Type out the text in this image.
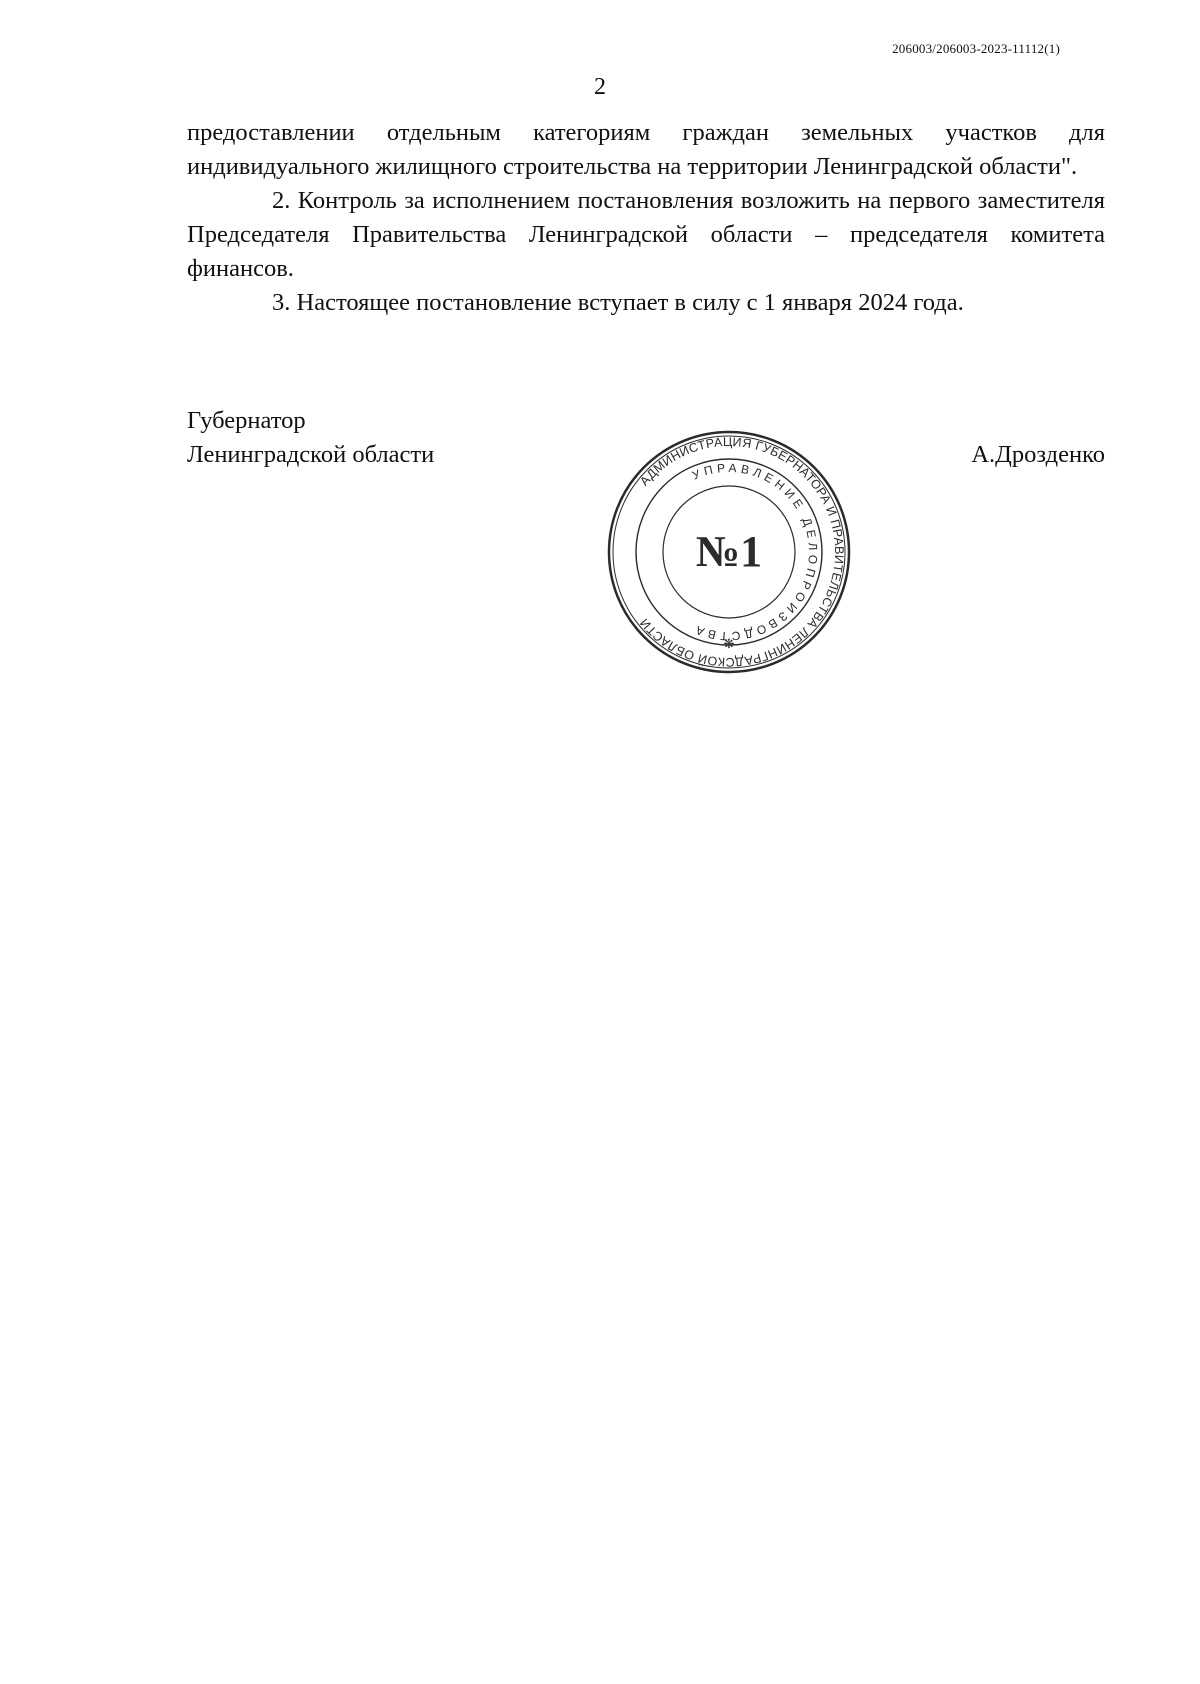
206003/206003-2023-11112(1)
2

предоставлении отдельным категориям граждан земельных участков для индивидуального жилищного строительства на территории Ленинградской области".

2. Контроль за исполнением постановления возложить на первого заместителя Председателя Правительства Ленинградской области – председателя комитета финансов.

3. Настоящее постановление вступает в силу с 1 января 2024 года.

Губернатор
Ленинградской области	А.Дрозденко
АДМИНИСТРАЦИЯ ГУБЕРНАТОРА И ПРАВИТЕЛЬСТВА ЛЕНИНГРАДСКОЙ ОБЛАСТИ
УПРАВЛЕНИЕ ДЕЛОПРОИЗВОДСТВА
№1
❋
